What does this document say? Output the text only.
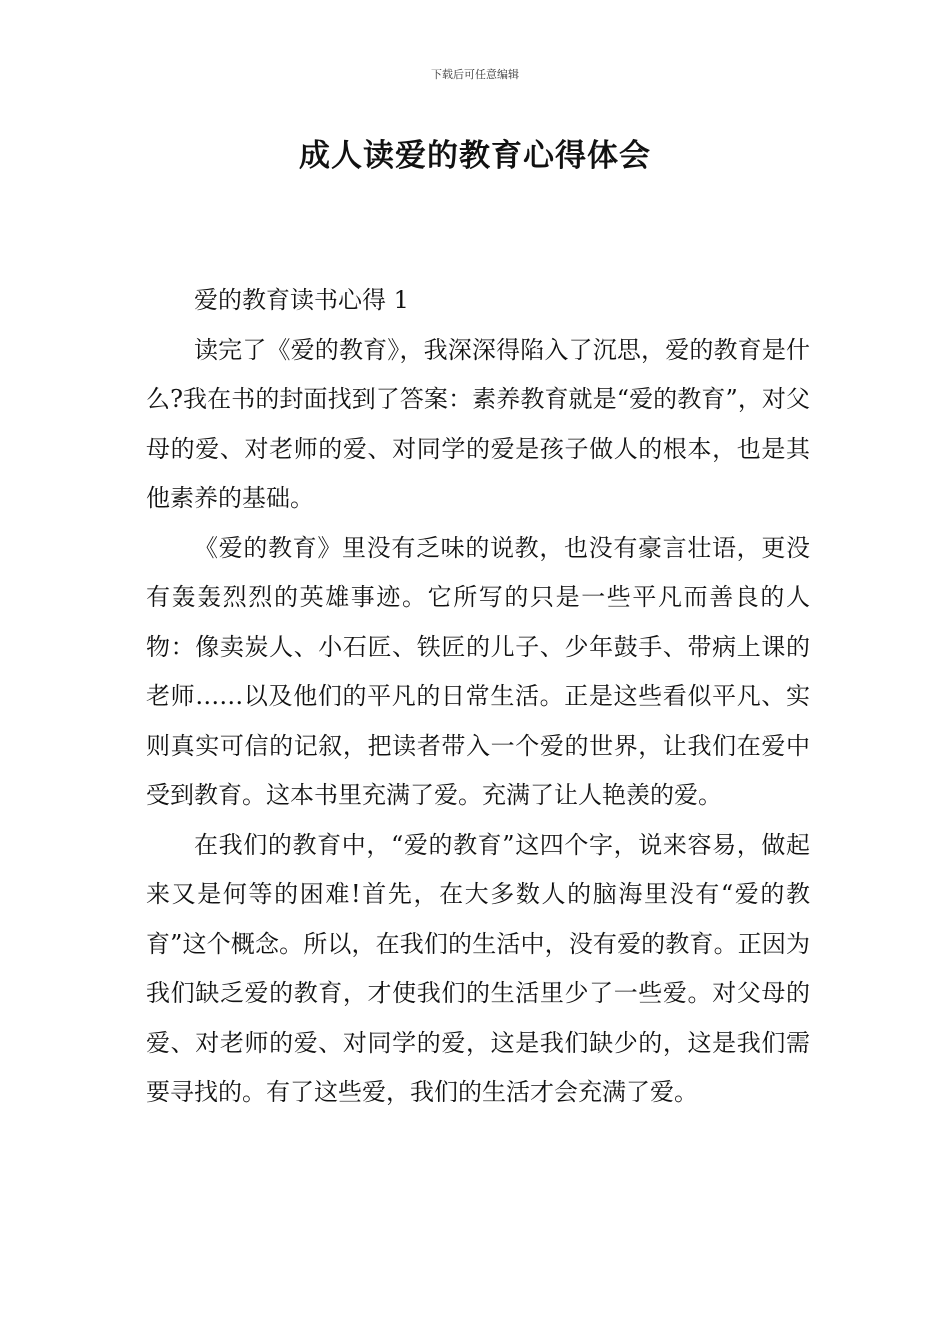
下载后可任意编辑
成人读爱的教育心得体会

爱的教育读书心得 1

读完了《爱的教育》，我深深得陷入了沉思，爱的教育是什么?我在书的封面找到了答案：素养教育就是“爱的教育”，对父母的爱、对老师的爱、对同学的爱是孩子做人的根本，也是其他素养的基础。

《爱的教育》里没有乏味的说教，也没有豪言壮语，更没有轰轰烈烈的英雄事迹。它所写的只是一些平凡而善良的人物：像卖炭人、小石匠、铁匠的儿子、少年鼓手、带病上课的老师……以及他们的平凡的日常生活。正是这些看似平凡、实则真实可信的记叙，把读者带入一个爱的世界，让我们在爱中受到教育。这本书里充满了爱。充满了让人艳羡的爱。

在我们的教育中，“爱的教育”这四个字，说来容易，做起来又是何等的困难!首先，在大多数人的脑海里没有“爱的教育”这个概念。所以，在我们的生活中，没有爱的教育。正因为我们缺乏爱的教育，才使我们的生活里少了一些爱。对父母的爱、对老师的爱、对同学的爱，这是我们缺少的，这是我们需要寻找的。有了这些爱，我们的生活才会充满了爱。
